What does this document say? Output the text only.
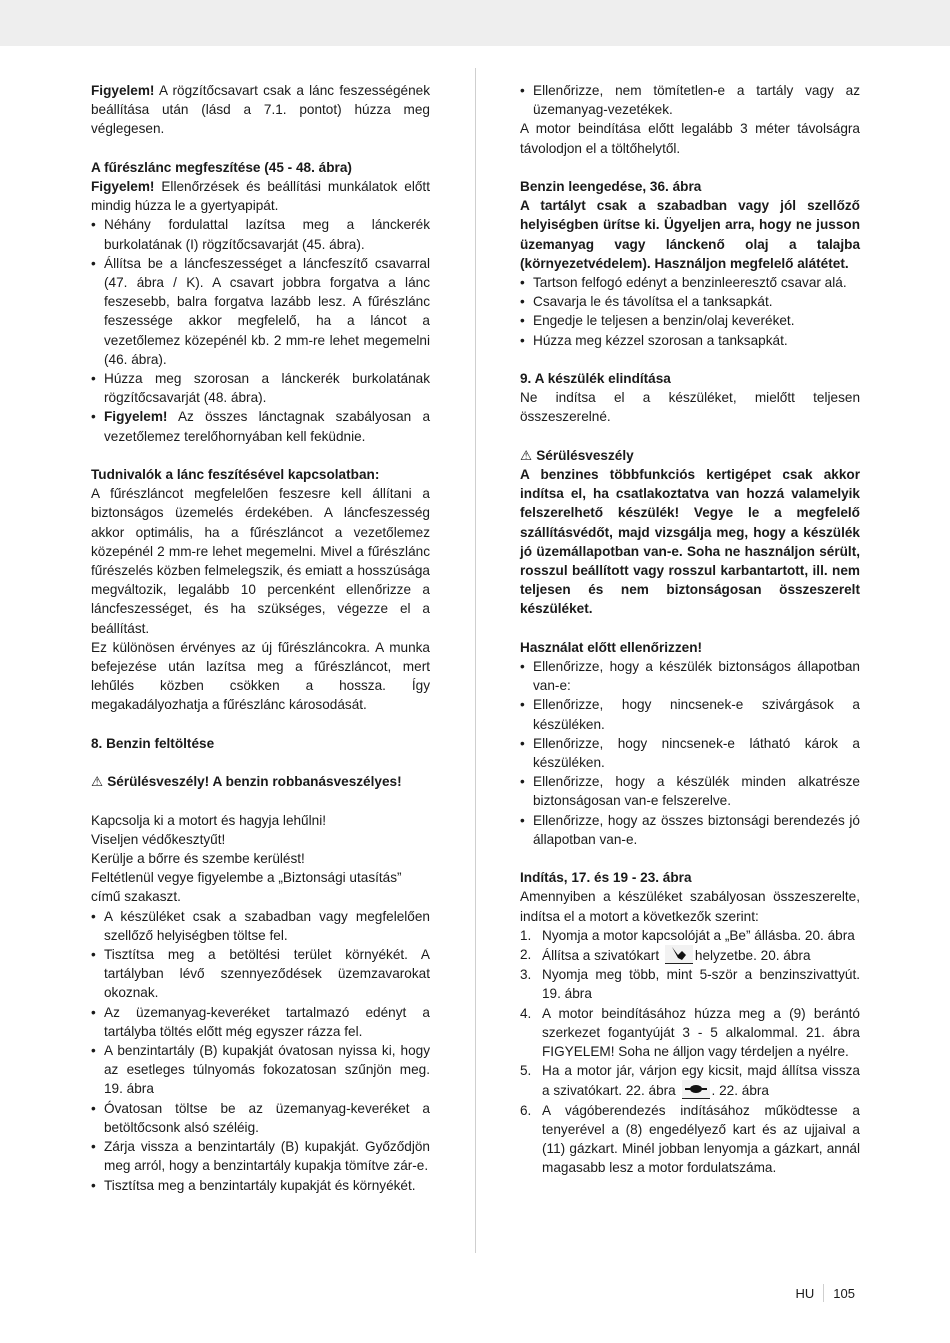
Figyelem! A rögzítőcsavart csak a lánc feszességének beállítása után (lásd a 7.1. pontot) húzza meg véglegesen.

A fűrészlánc megfeszítése (45 - 48. ábra)

Figyelem! Ellenőrzések és beállítási munkálatok előtt mindig húzza le a gyertyapipát.

• Néhány fordulattal lazítsa meg a lánckerék burkolatának (I) rögzítőcsavarját (45. ábra).
• Állítsa be a láncfeszességet a láncfeszítő csavarral (47. ábra / K). A csavart jobbra forgatva a lánc feszesebb, balra forgatva lazább lesz. A fűrészlánc feszessége akkor megfelelő, ha a láncot a vezetőlemez közepénél kb. 2 mm-re lehet megemelni (46. ábra).
• Húzza meg szorosan a lánckerék burkolatának rögzítőcsavarját (48. ábra).
• Figyelem! Az összes lánctagnak szabályosan a vezetőlemez terelőhornyában kell feküdnie.

Tudnivalók a lánc feszítésével kapcsolatban:

A fűrészláncot megfelelően feszesre kell állítani a biztonságos üzemelés érdekében. A láncfeszesség akkor optimális, ha a fűrészláncot a vezetőlemez közepénél 2 mm-re lehet megemelni. Mivel a fűrészlánc fűrészelés közben felmelegszik, és emiatt a hosszúsága megváltozik, legalább 10 percenként ellenőrizze a láncfeszességet, és ha szükséges, végezze el a beállítást.

Ez különösen érvényes az új fűrészláncokra. A munka befejezése után lazítsa meg a fűrészláncot, mert lehűlés közben csökken a hossza. Így megakadályozhatja a fűrészlánc károsodását.

8. Benzin feltöltése

⚠ Sérülésveszély! A benzin robbanásveszélyes!

Kapcsolja ki a motort és hagyja lehűlni!

Viseljen védőkesztyűt!

Kerülje a bőrre és szembe kerülést!

Feltétlenül vegye figyelembe a „Biztonsági utasítás” című szakaszt.

• A készüléket csak a szabadban vagy megfelelően szellőző helyiségben töltse fel.
• Tisztítsa meg a betöltési terület környékét. A tartályban lévő szennyeződések üzemzavarokat okoznak.
• Az üzemanyag-keveréket tartalmazó edényt a tartályba töltés előtt még egyszer rázza fel.
• A benzintartály (B) kupakját óvatosan nyissa ki, hogy az esetleges túlnyomás fokozatosan szűnjön meg. 19. ábra
• Óvatosan töltse be az üzemanyag-keveréket a betöltőcsonk alsó széléig.
• Zárja vissza a benzintartály (B) kupakját. Győződjön meg arról, hogy a benzintartály kupakja tömítve zár-e.
• Tisztítsa meg a benzintartály kupakját és környékét.
• Ellenőrizze, nem tömítetlen-e a tartály vagy az üzemanyag-vezetékek.

A motor beindítása előtt legalább 3 méter távolságra távolodjon el a töltőhelytől.

Benzin leengedése, 36. ábra

A tartályt csak a szabadban vagy jól szellőző helyiségben ürítse ki. Ügyeljen arra, hogy ne jusson üzemanyag vagy lánckenő olaj a talajba (környezetvédelem). Használjon megfelelő alátétet.

• Tartson felfogó edényt a benzinleeresztő csavar alá.
• Csavarja le és távolítsa el a tanksapkát.
• Engedje le teljesen a benzin/olaj keveréket.
• Húzza meg kézzel szorosan a tanksapkát.

9. A készülék elindítása

Ne indítsa el a készüléket, mielőtt teljesen összeszerelné.

⚠ Sérülésveszély

A benzines többfunkciós kertigépet csak akkor indítsa el, ha csatlakoztatva van hozzá valamelyik felszerelhető készülék! Vegye le a megfelelő szállításvédőt, majd vizsgálja meg, hogy a készülék jó üzemállapotban van-e. Soha ne használjon sérült, rosszul beállított vagy rosszul karbantartott, ill. nem teljesen és nem biztonságosan összeszerelt készüléket.

Használat előtt ellenőrizzen!

• Ellenőrizze, hogy a készülék biztonságos állapotban van-e:
• Ellenőrizze, hogy nincsenek-e szivárgások a készüléken.
• Ellenőrizze, hogy nincsenek-e látható károk a készüléken.
• Ellenőrizze, hogy a készülék minden alkatrésze biztonságosan van-e felszerelve.
• Ellenőrizze, hogy az összes biztonsági berendezés jó állapotban van-e.

Indítás, 17. és 19 - 23. ábra

Amennyiben a készüléket szabályosan összeszerelte, indítsa el a motort a következők szerint:

1. Nyomja a motor kapcsolóját a „Be” állásba. 20. ábra
2. Állítsa a szivatókart
helyzetbe. 20. ábra
3. Nyomja meg több, mint 5-ször a benzinszivattyút. 19. ábra
4. A motor beindításához húzza meg a (9) berántó szerkezet fogantyúját 3 - 5 alkalommal. 21. ábra FIGYELEM! Soha ne álljon vagy térdeljen a nyélre.
5. Ha a motor jár, várjon egy kicsit, majd állítsa vissza a szivatókart. 22. ábra
. 22. ábra
6. A vágóberendezés indításához működtesse a tenyerével a (8) engedélyező kart és az ujjaival a (11) gázkart. Minél jobban lenyomja a gázkart, annál magasabb lesz a motor fordulatszáma.
HU 105
